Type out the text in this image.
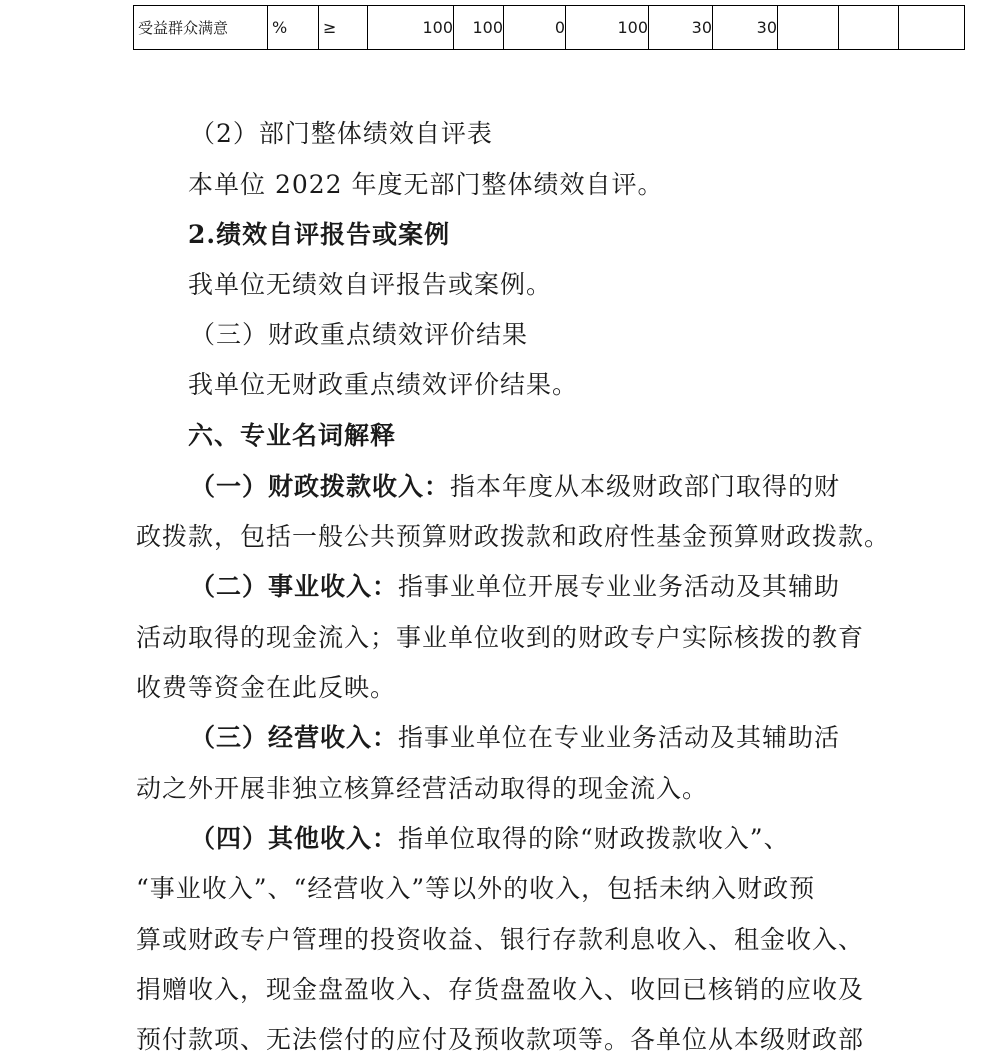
受益群众满意	%	≥	100	100	0	100	30	30			

（2）部门整体绩效自评表

本单位 2022 年度无部门整体绩效自评。

2.绩效自评报告或案例

我单位无绩效自评报告或案例。

（三）财政重点绩效评价结果

我单位无财政重点绩效评价结果。

六、专业名词解释

（一）财政拨款收入：指本年度从本级财政部门取得的财

政拨款，包括一般公共预算财政拨款和政府性基金预算财政拨款。

（二）事业收入：指事业单位开展专业业务活动及其辅助

活动取得的现金流入；事业单位收到的财政专户实际核拨的教育

收费等资金在此反映。

（三）经营收入：指事业单位在专业业务活动及其辅助活

动之外开展非独立核算经营活动取得的现金流入。

（四）其他收入：指单位取得的除“财政拨款收入”、

“事业收入”、“经营收入”等以外的收入，包括未纳入财政预

算或财政专户管理的投资收益、银行存款利息收入、租金收入、

捐赠收入，现金盘盈收入、存货盘盈收入、收回已核销的应收及

预付款项、无法偿付的应付及预收款项等。各单位从本级财政部
